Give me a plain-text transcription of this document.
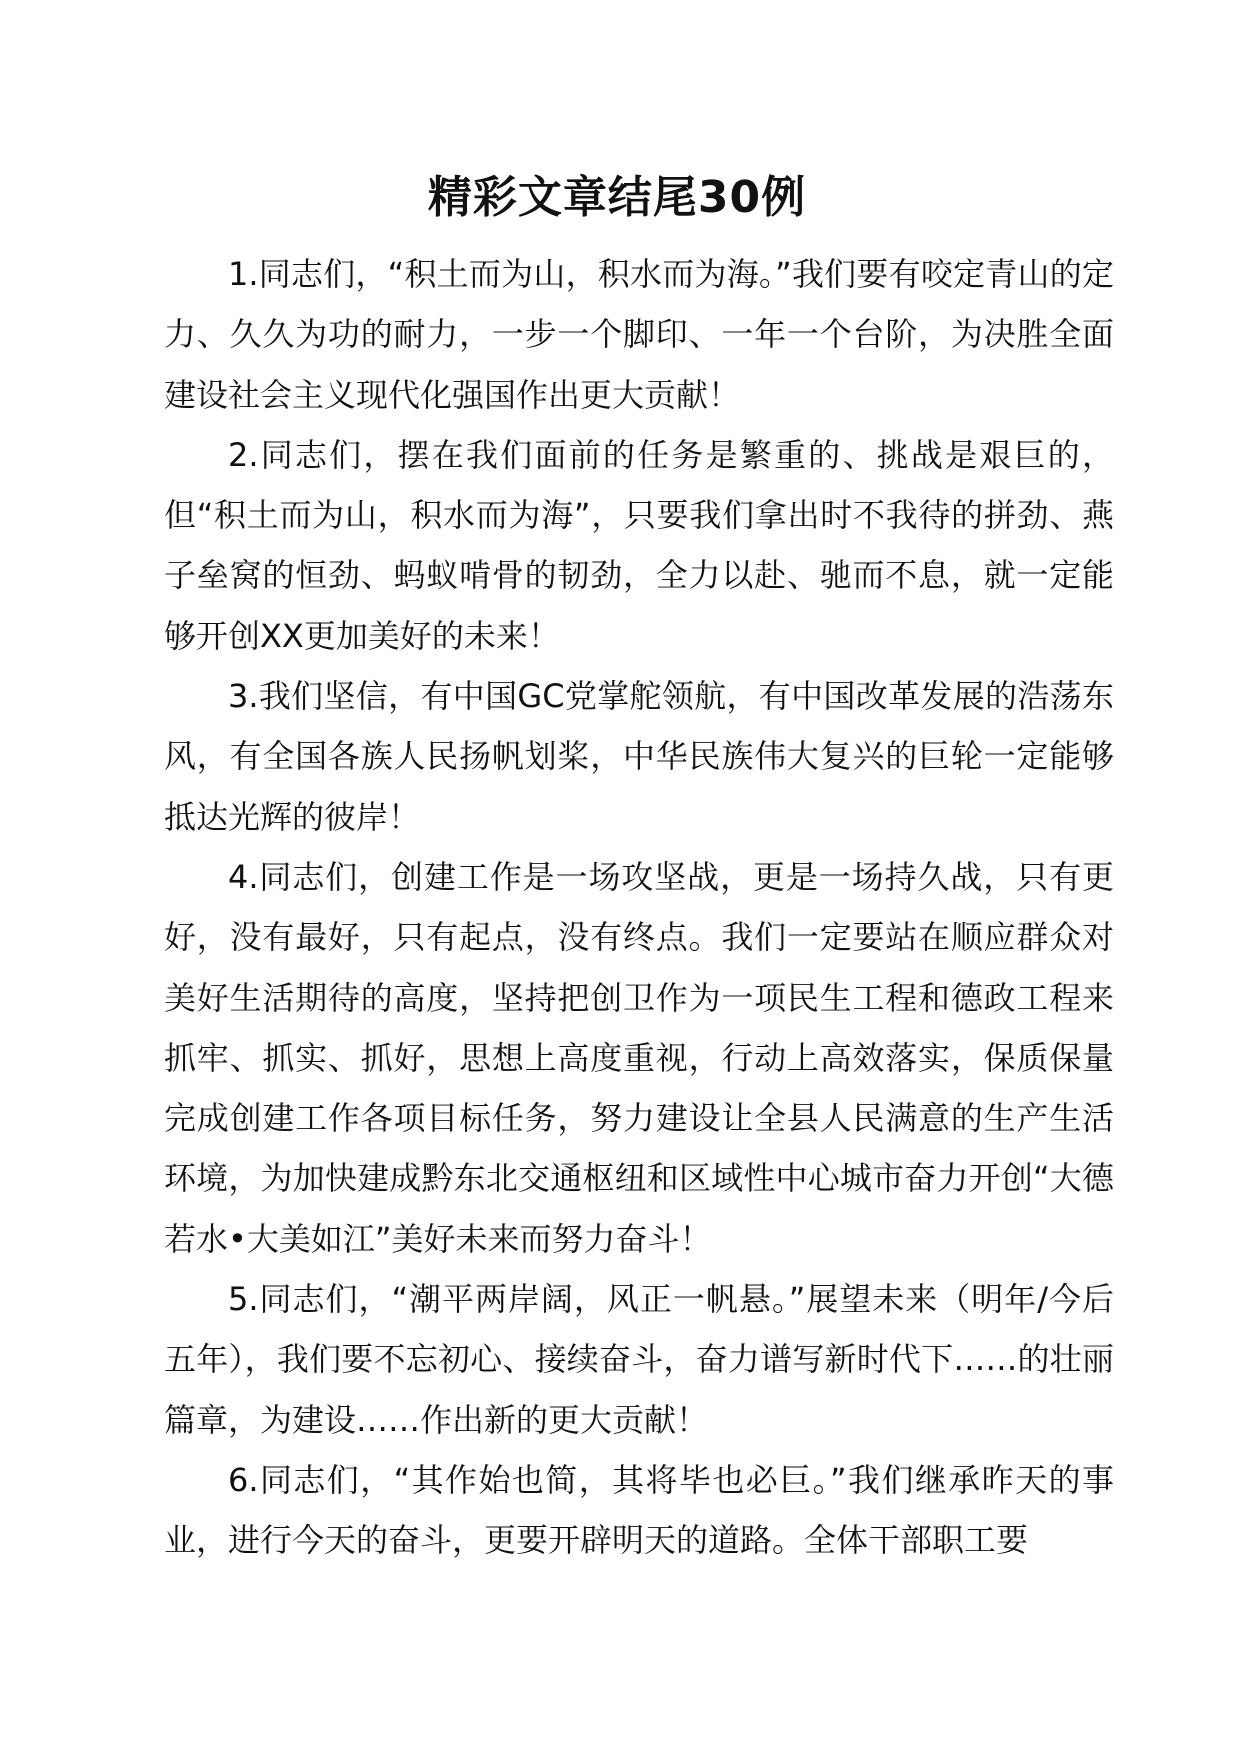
精彩文章结尾30例

1.同志们，“积土而为山，积水而为海。”我们要有咬定青山的定力、久久为功的耐力，一步一个脚印、一年一个台阶，为决胜全面建设社会主义现代化强国作出更大贡献！

2.同志们，摆在我们面前的任务是繁重的、挑战是艰巨的，但“积土而为山，积水而为海”，只要我们拿出时不我待的拼劲、燕子垒窝的恒劲、蚂蚁啃骨的韧劲，全力以赴、驰而不息，就一定能够开创XX更加美好的未来！

3.我们坚信，有中国GC党掌舵领航，有中国改革发展的浩荡东风，有全国各族人民扬帆划桨，中华民族伟大复兴的巨轮一定能够抵达光辉的彼岸！

4.同志们，创建工作是一场攻坚战，更是一场持久战，只有更好，没有最好，只有起点，没有终点。我们一定要站在顺应群众对美好生活期待的高度，坚持把创卫作为一项民生工程和德政工程来抓牢、抓实、抓好，思想上高度重视，行动上高效落实，保质保量完成创建工作各项目标任务，努力建设让全县人民满意的生产生活环境，为加快建成黔东北交通枢纽和区域性中心城市奋力开创“大德若水•大美如江”美好未来而努力奋斗！

5.同志们，“潮平两岸阔，风正一帆悬。”展望未来（明年/今后五年），我们要不忘初心、接续奋斗，奋力谱写新时代下……的壮丽篇章，为建设……作出新的更大贡献！

6.同志们，“其作始也简，其将毕也必巨。”我们继承昨天的事业，进行今天的奋斗，更要开辟明天的道路。全体干部职工要
